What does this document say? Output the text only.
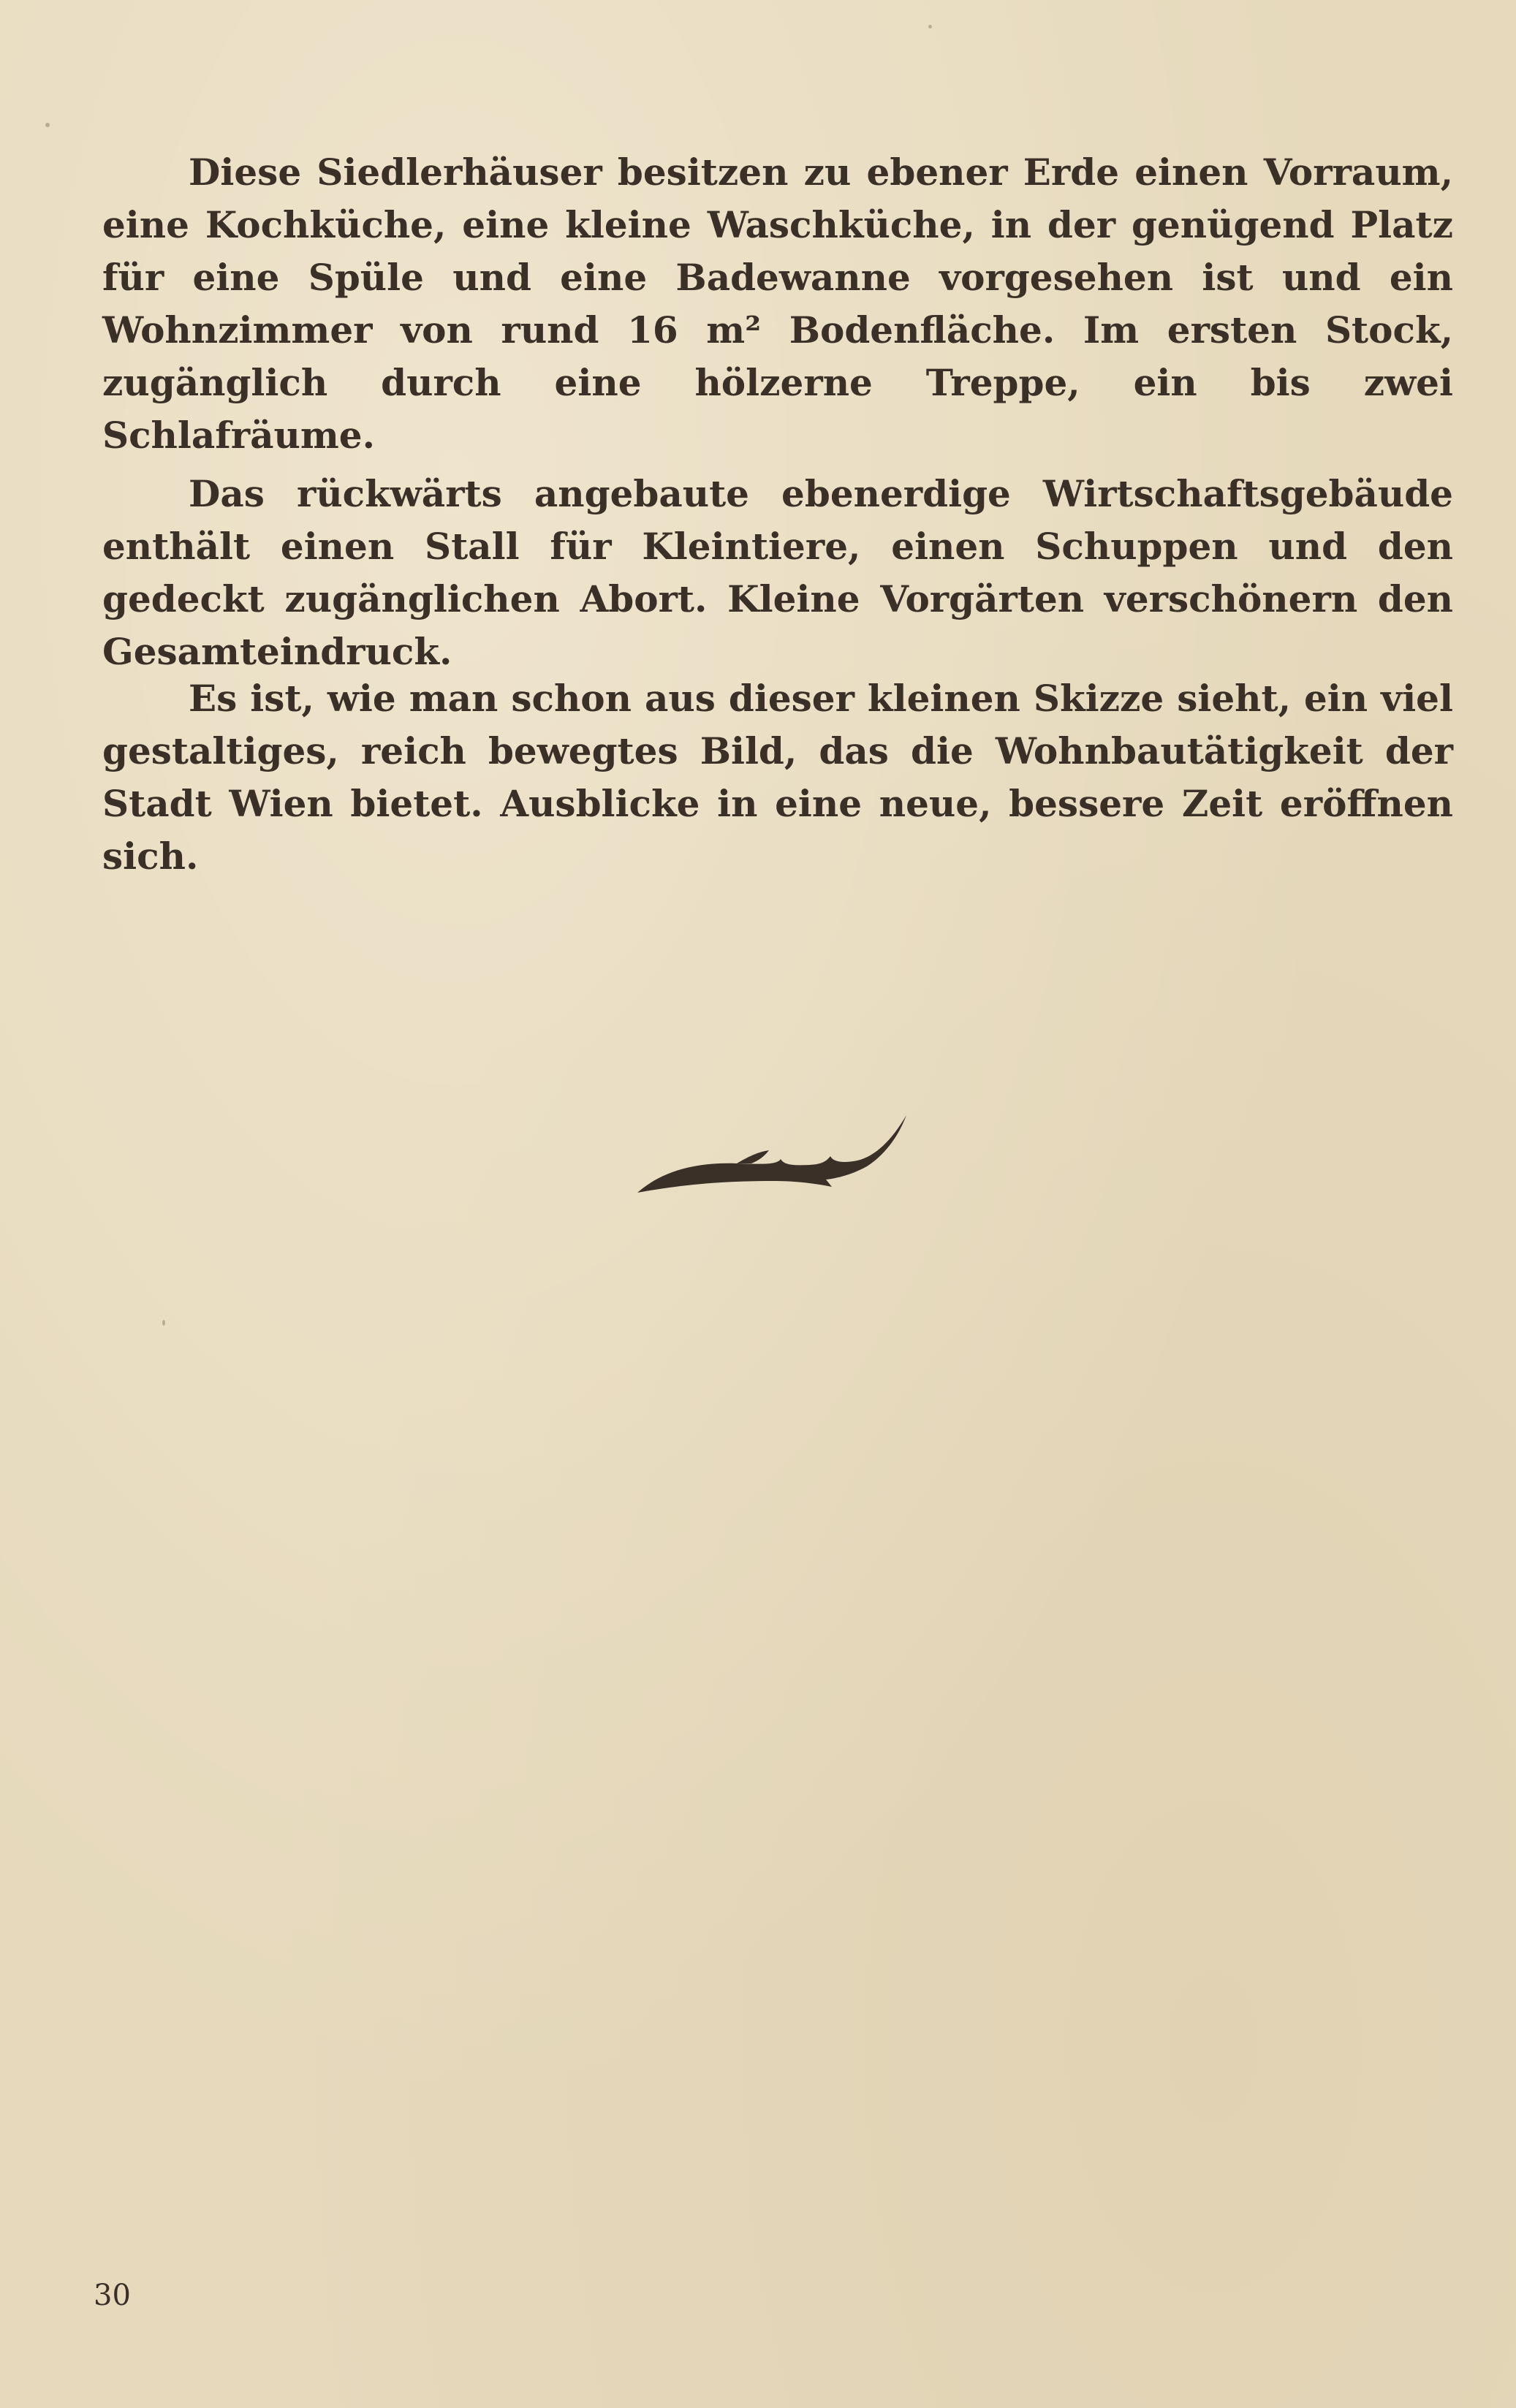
Diese Siedlerhäuser besitzen zu ebener Erde einen Vorraum, eine Kochküche, eine kleine Waschküche, in der genügend Platz für eine Spüle und eine Badewanne vorgesehen ist und ein Wohnzimmer von rund 16 m² Bodenfläche. Im ersten Stock, zugänglich durch eine hölzerne Treppe, ein bis zwei Schlafräume.

Das rückwärts angebaute ebenerdige Wirtschaftsgebäude enthält einen Stall für Kleintiere, einen Schuppen und den gedeckt zugänglichen Abort. Kleine Vorgärten verschönern den Gesamteindruck.

Es ist, wie man schon aus dieser kleinen Skizze sieht, ein viel gestaltiges, reich bewegtes Bild, das die Wohnbautätigkeit der Stadt Wien bietet. Ausblicke in eine neue, bessere Zeit eröffnen sich.

30
